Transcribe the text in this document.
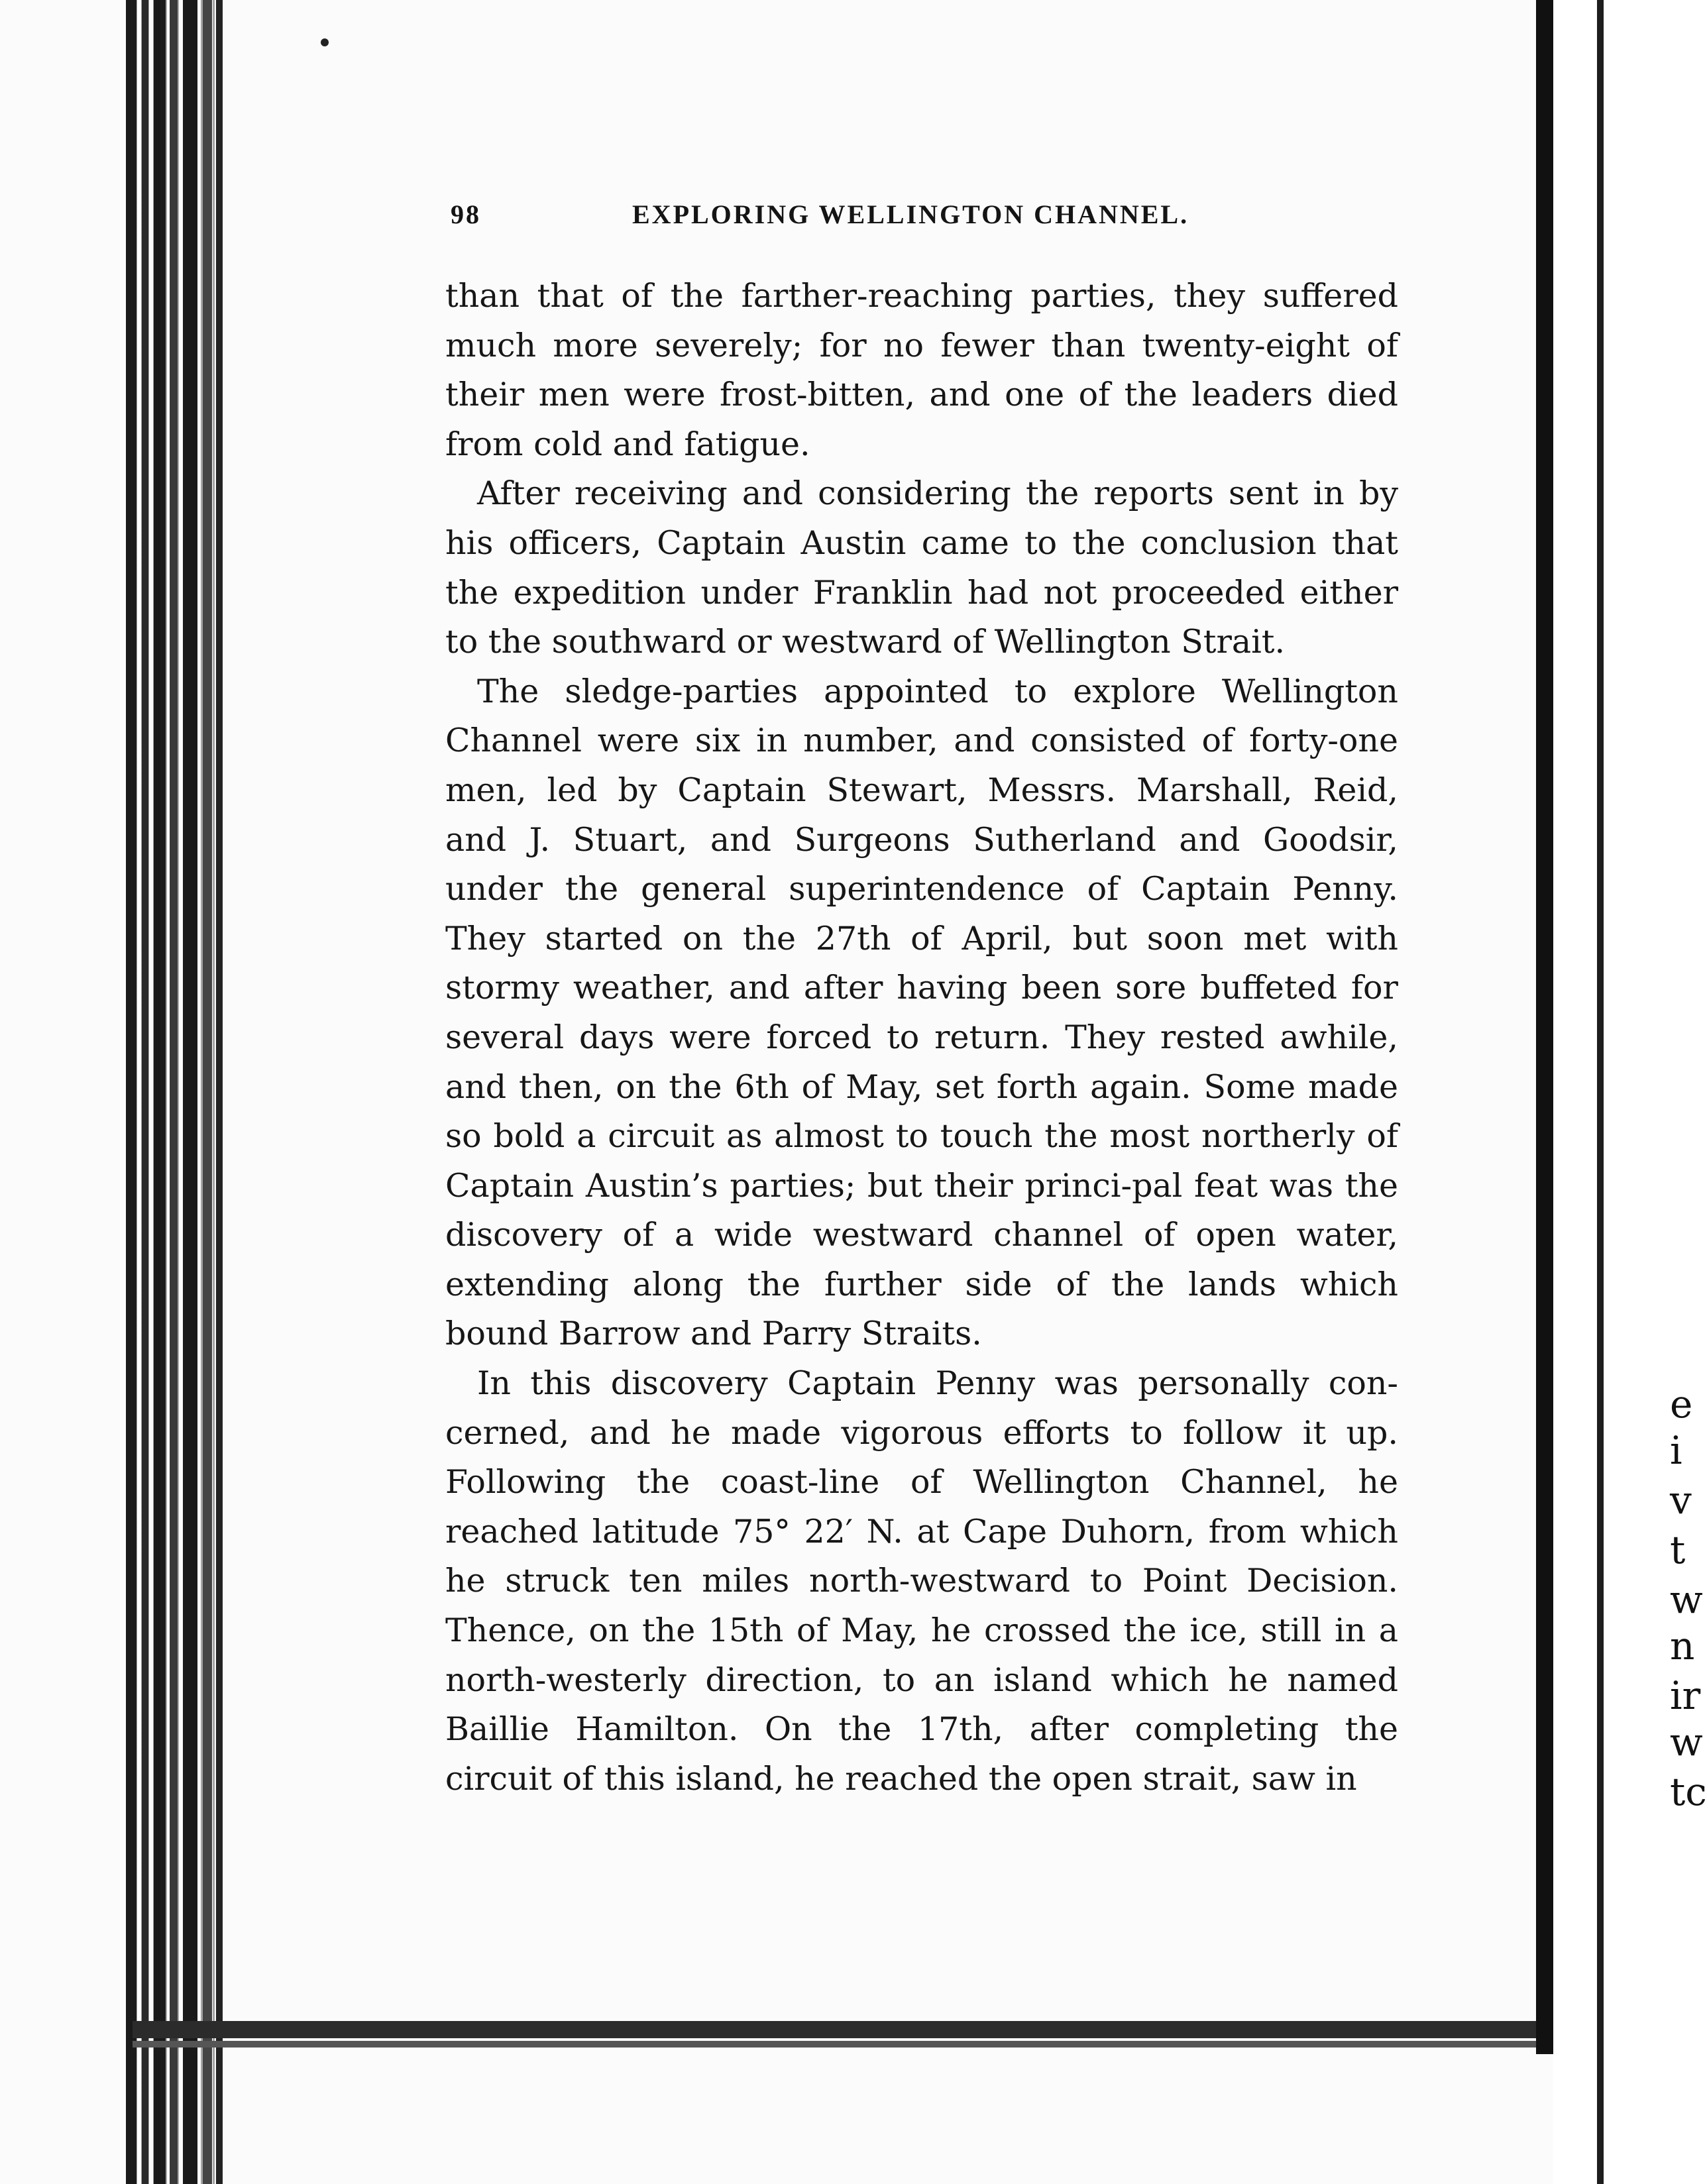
e
i
v
t
w
n
ir
w
tc
98	EXPLORING WELLINGTON CHANNEL.

than that of the farther-reaching parties, they suffered much more severely; for no fewer than twenty-eight of their men were frost-bitten, and one of the leaders died from cold and fatigue.

After receiving and considering the reports sent in by his officers, Captain Austin came to the conclusion that the expedition under Franklin had not proceeded either to the southward or westward of Wellington Strait.

The sledge-parties appointed to explore Wellington Channel were six in number, and consisted of forty-one men, led by Captain Stewart, Messrs. Marshall, Reid, and J. Stuart, and Surgeons Sutherland and Goodsir, under the general superintendence of Captain Penny. They started on the 27th of April, but soon met with stormy weather, and after having been sore buffeted for several days were forced to return. They rested awhile, and then, on the 6th of May, set forth again. Some made so bold a circuit as almost to touch the most northerly of Captain Austin’s parties; but their princi-pal feat was the discovery of a wide westward channel of open water, extending along the further side of the lands which bound Barrow and Parry Straits.

In this discovery Captain Penny was personally con-cerned, and he made vigorous efforts to follow it up. Following the coast-line of Wellington Channel, he reached latitude 75° 22′ N. at Cape Duhorn, from which he struck ten miles north-westward to Point Decision. Thence, on the 15th of May, he crossed the ice, still in a north-westerly direction, to an island which he named Baillie Hamilton. On the 17th, after completing the circuit of this island, he reached the open strait, saw in
